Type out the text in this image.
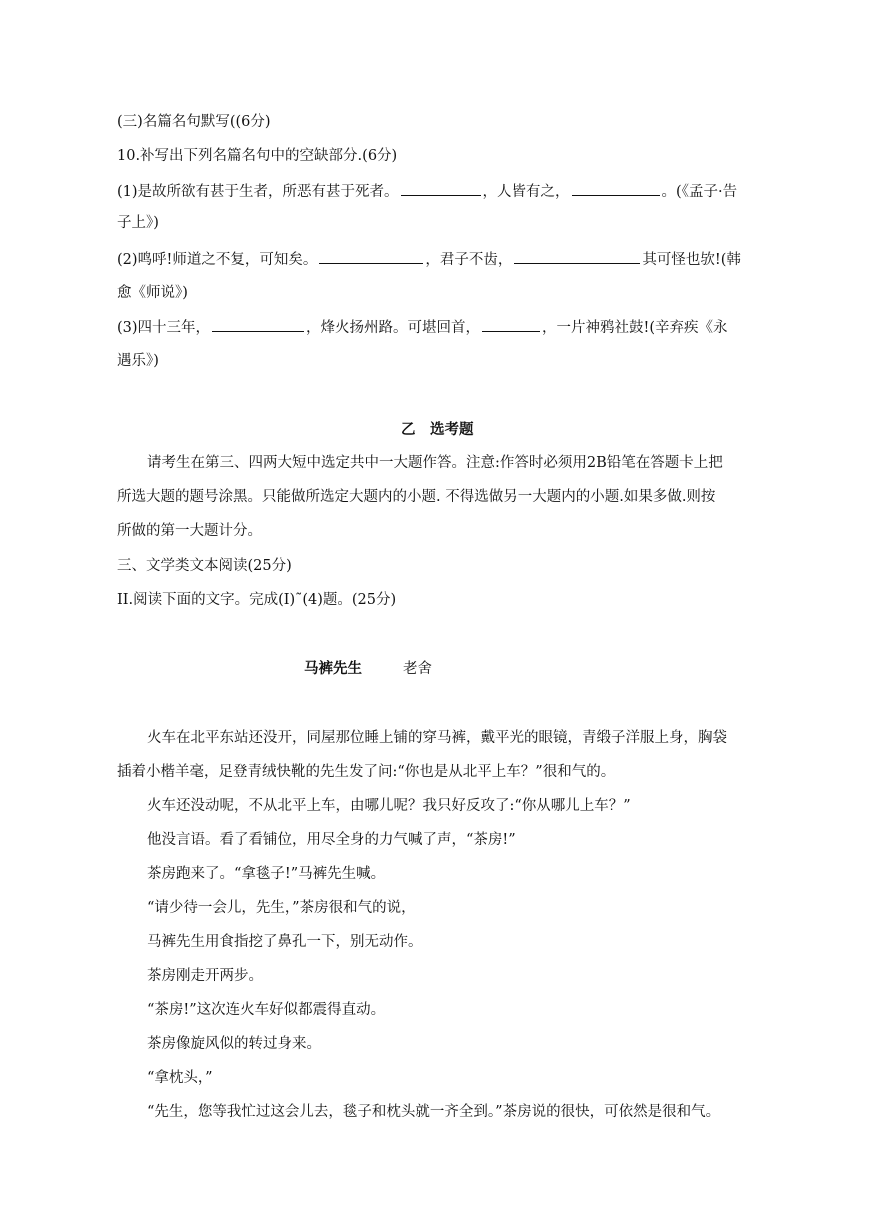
(三)名篇名句默写((6分)
10.补写出下列名篇名句中的空缺部分.(6分)
(1)是故所欲有甚于生者，所恶有甚于死者。	，人皆有之，	。(《孟子·告
子上》)
(2)鸣呼!师道之不复，可知矣。	，君子不齿，	其可怪也欤!(韩
愈《师说》)
(3)四十三年，	，烽火扬州路。可堪回首，	，一片神鸦社鼓!(辛弃疾《永
遇乐》)
乙　选考题
请考生在第三、四两大短中选定共中一大题作答。注意:作答时必须用2B铅笔在答题卡上把
所选大题的题号涂黑。只能做所选定大题内的小题. 不得选做另一大题内的小题.如果多做.则按
所做的第一大题计分。
三、文学类文本阅读(25分)
II.阅读下面的文字。完成(I)˜(4)题。(25分)
马裤先生	老舍
火车在北平东站还没开，同屋那位睡上铺的穿马裤，戴平光的眼镜，青缎子洋服上身，胸袋
插着小楷羊毫，足登青绒快靴的先生发了问:“你也是从北平上车？”很和气的。
火车还没动呢，不从北平上车，由哪儿呢？我只好反攻了:“你从哪儿上车？”
他没言语。看了看铺位，用尽全身的力气喊了声，“茶房!”
茶房跑来了。“拿毯子!”马裤先生喊。
“请少待一会儿，先生，”茶房很和气的说，
马裤先生用食指挖了鼻孔一下，别无动作。
茶房刚走开两步。
“茶房!”这次连火车好似都震得直动。
茶房像旋风似的转过身来。
“拿枕头，”
“先生，您等我忙过这会儿去，毯子和枕头就一齐全到。”茶房说的很快，可依然是很和气。
